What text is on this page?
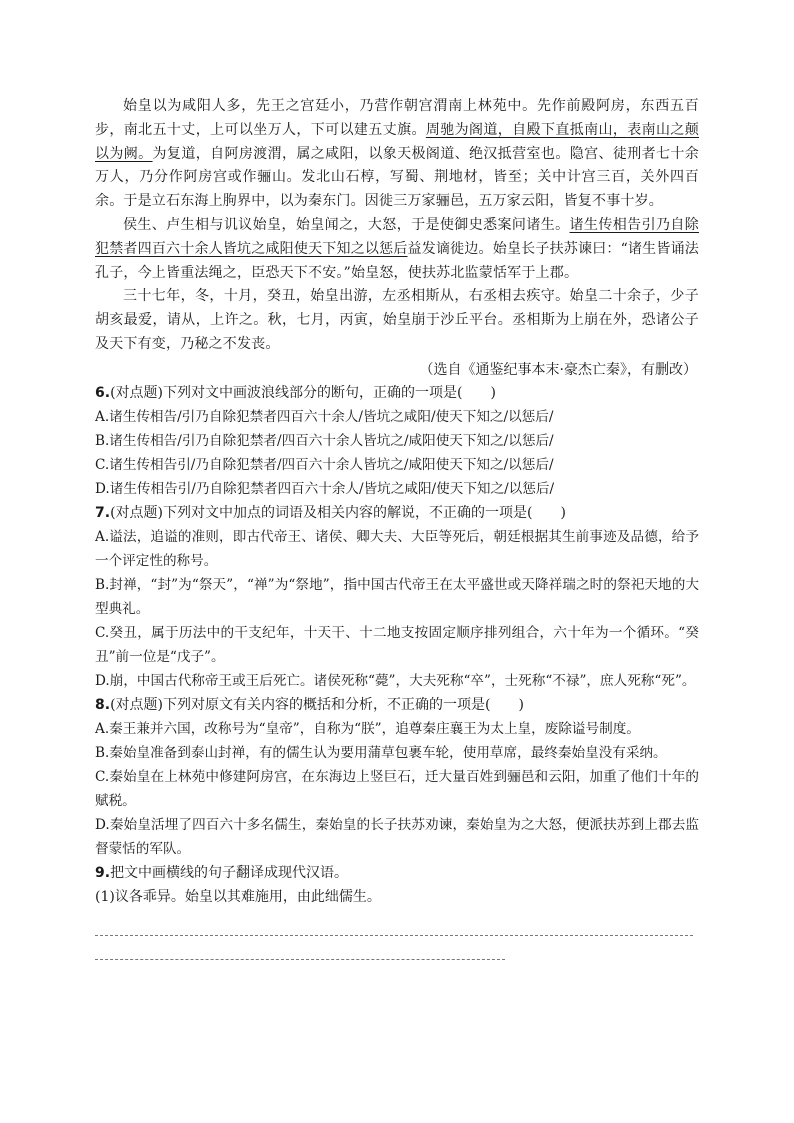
始皇以为咸阳人多，先王之宫廷小，乃营作朝宫渭南上林苑中。先作前殿阿房，东西五百步，南北五十丈，上可以坐万人，下可以建五丈旗。周驰为阁道，自殿下直抵南山，表南山之颠以为阙。为复道，自阿房渡渭，属之咸阳，以象天极阁道、绝汉抵营室也。隐宫、徒刑者七十余万人，乃分作阿房宫或作骊山。发北山石椁，写蜀、荆地材，皆至；关中计宫三百，关外四百余。于是立石东海上朐界中，以为秦东门。因徙三万家骊邑，五万家云阳，皆复不事十岁。

侯生、卢生相与讥议始皇，始皇闻之，大怒，于是使御史悉案问诸生。诸生传相告引乃自除犯禁者四百六十余人皆坑之咸阳使天下知之以惩后益发谪徙边。始皇长子扶苏谏曰：“诸生皆诵法孔子，今上皆重法绳之，臣恐天下不安。”始皇怒，使扶苏北监蒙恬军于上郡。

三十七年，冬，十月，癸丑，始皇出游，左丞相斯从，右丞相去疾守。始皇二十余子，少子胡亥最爱，请从，上许之。秋，七月，丙寅，始皇崩于沙丘平台。丞相斯为上崩在外，恐诸公子及天下有变，乃秘之不发丧。

（选自《通鉴纪事本末·豪杰亡秦》，有删改）

6.(对点题)下列对文中画波浪线部分的断句，正确的一项是(　　)

A.诸生传相告/引乃自除犯禁者四百六十余人/皆坑之咸阳/使天下知之/以惩后/

B.诸生传相告/引乃自除犯禁者/四百六十余人皆坑之/咸阳使天下知之/以惩后/

C.诸生传相告引/乃自除犯禁者/四百六十余人皆坑之/咸阳使天下知之/以惩后/

D.诸生传相告引/乃自除犯禁者四百六十余人/皆坑之咸阳/使天下知之/以惩后/

7.(对点题)下列对文中加点的词语及相关内容的解说，不正确的一项是(　　)

A.谥法，追谥的准则，即古代帝王、诸侯、卿大夫、大臣等死后，朝廷根据其生前事迹及品德，给予一个评定性的称号。

B.封禅，“封”为“祭天”，“禅”为“祭地”，指中国古代帝王在太平盛世或天降祥瑞之时的祭祀天地的大型典礼。

C.癸丑，属于历法中的干支纪年，十天干、十二地支按固定顺序排列组合，六十年为一个循环。“癸丑”前一位是“戊子”。

D.崩，中国古代称帝王或王后死亡。诸侯死称“薨”，大夫死称“卒”，士死称“不禄”，庶人死称“死”。

8.(对点题)下列对原文有关内容的概括和分析，不正确的一项是(　　)

A.秦王兼并六国，改称号为“皇帝”，自称为“朕”，追尊秦庄襄王为太上皇，废除谥号制度。

B.秦始皇准备到泰山封禅，有的儒生认为要用蒲草包裹车轮，使用草席，最终秦始皇没有采纳。

C.秦始皇在上林苑中修建阿房宫，在东海边上竖巨石，迁大量百姓到骊邑和云阳，加重了他们十年的赋税。

D.秦始皇活埋了四百六十多名儒生，秦始皇的长子扶苏劝谏，秦始皇为之大怒，便派扶苏到上郡去监督蒙恬的军队。

9.把文中画横线的句子翻译成现代汉语。

(1)议各乖异。始皇以其难施用，由此绌儒生。
